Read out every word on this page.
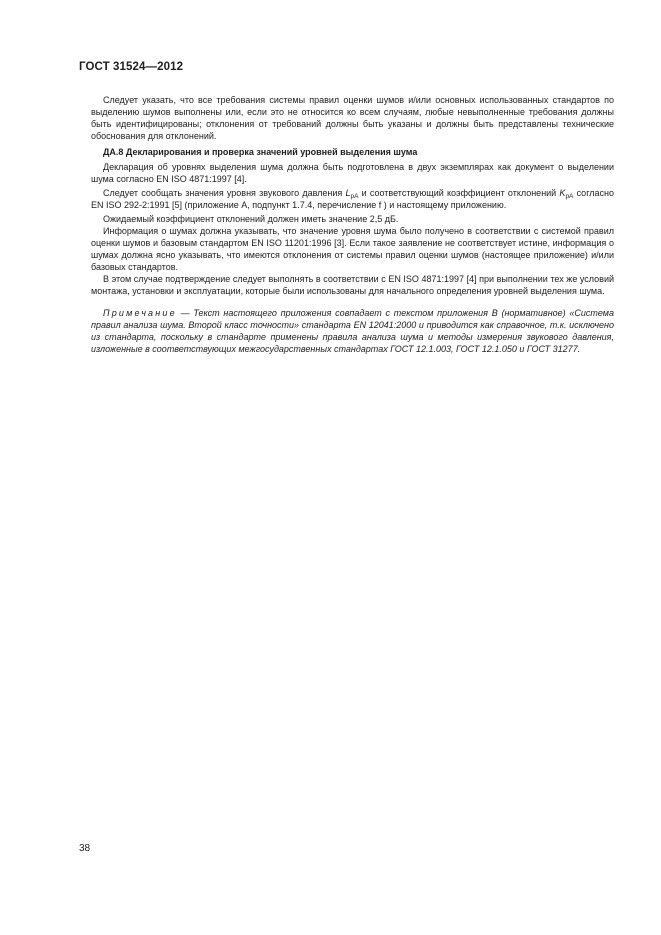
ГОСТ 31524—2012

Следует указать, что все требования системы правил оценки шумов и/или основных использованных стандартов по выделению шумов выполнены или, если это не относится ко всем случаям, любые невыполненные требования должны быть идентифицированы; отклонения от требований должны быть указаны и должны быть представлены технические обоснования для отклонений.

ДА.8 Декларирования и проверка значений уровней выделения шума

Декларация об уровнях выделения шума должна быть подготовлена в двух экземплярах как документ о выделении шума согласно EN ISO 4871:1997 [4].

Следует сообщать значения уровня звукового давления $L_{pA}$ и соответствующий коэффициент отклонений $K_{pA}$ согласно EN ISO 292-2:1991 [5] (приложение А, подпункт 1.7.4, перечисление f ) и настоящему приложению.

Ожидаемый коэффициент отклонений должен иметь значение 2,5 дБ.

Информация о шумах должна указывать, что значение уровня шума было получено в соответствии с системой правил оценки шумов и базовым стандартом EN ISO 11201:1996 [3]. Если такое заявление не соответствует истине, информация о шумах должна ясно указывать, что имеются отклонения от системы правил оценки шумов (настоящее приложение) и/или базовых стандартов.

В этом случае подтверждение следует выполнять в соответствии с EN ISO 4871:1997 [4] при выполнении тех же условий монтажа, установки и эксплуатации, которые были использованы для начального определения уровней выделения шума.

Примечание — Текст настоящего приложения совпадает с текстом приложения В (нормативное) «Система правил анализа шума. Второй класс точности» стандарта EN 12041:2000 и приводится как справочное, т.к. исключено из стандарта, поскольку в стандарте применены правила анализа шума и методы измерения звукового давления, изложенные в соответствующих межгосударственных стандартах ГОСТ 12.1.003, ГОСТ 12.1.050 и ГОСТ 31277.

38
